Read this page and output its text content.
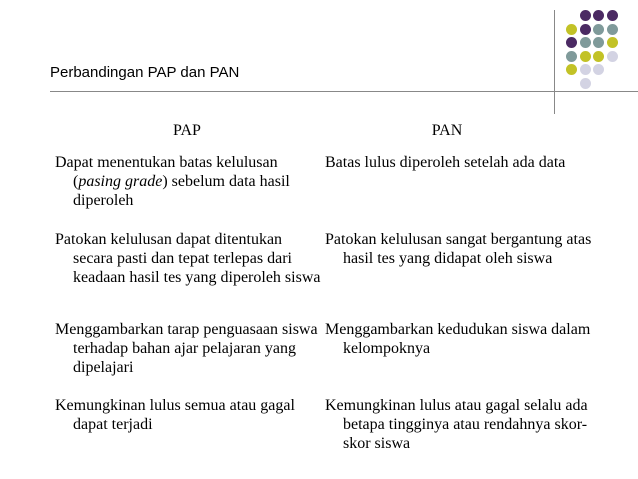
Perbandingan PAP dan PAN
PAP	PAN
Dapat menentukan batas kelulusan (pasing grade) sebelum data hasil diperoleh
Batas lulus diperoleh setelah ada data
Patokan kelulusan dapat ditentukan secara pasti dan tepat terlepas dari keadaan hasil tes yang diperoleh siswa
Patokan kelulusan sangat bergantung atas hasil tes yang didapat oleh siswa
Menggambarkan tarap penguasaan siswa terhadap bahan ajar pelajaran yang dipelajari
Menggambarkan kedudukan siswa dalam kelompoknya
Kemungkinan lulus semua atau gagal dapat terjadi
Kemungkinan lulus atau gagal selalu ada betapa tingginya atau rendahnya skor-skor siswa
